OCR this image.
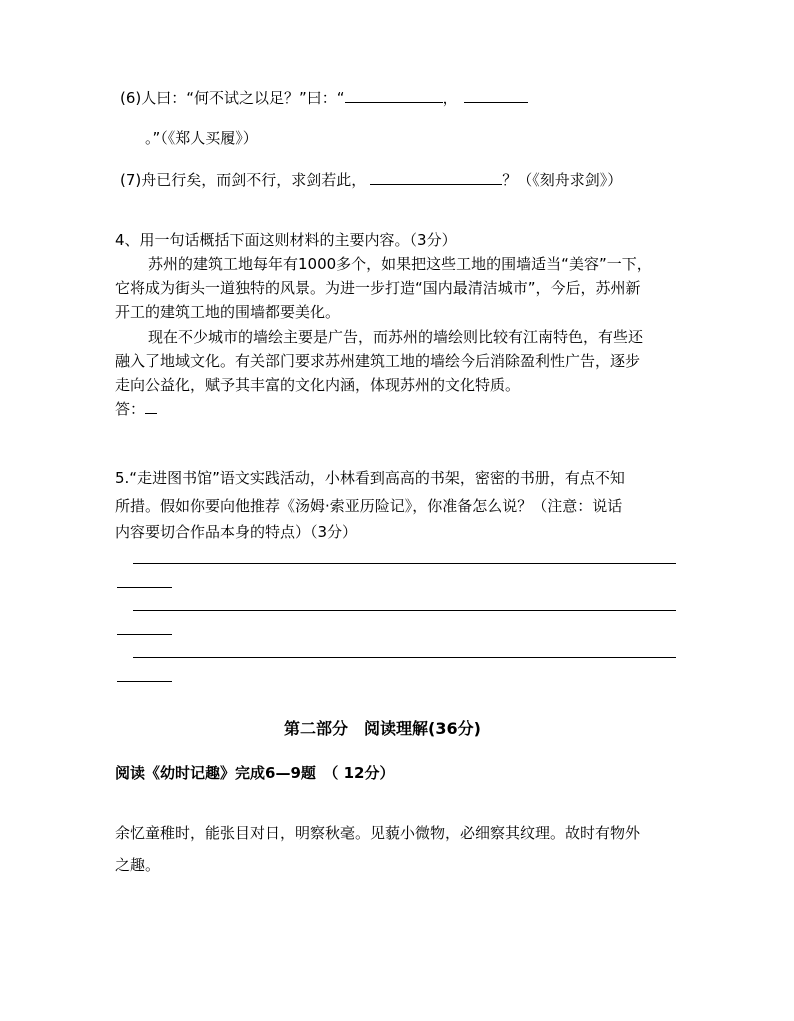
(6)人曰：“何不试之以足？”曰：“	，
。”（《郑人买履》）
(7)舟已行矣，而剑不行，求剑若此，	？（《刻舟求剑》）
4、用一句话概括下面这则材料的主要内容。（3分）
苏州的建筑工地每年有1000多个，如果把这些工地的围墙适当“美容”一下，
它将成为街头一道独特的风景。为进一步打造“国内最清洁城市”，今后，苏州新
开工的建筑工地的围墙都要美化。
现在不少城市的墙绘主要是广告，而苏州的墙绘则比较有江南特色，有些还
融入了地域文化。有关部门要求苏州建筑工地的墙绘今后消除盈利性广告，逐步
走向公益化，赋予其丰富的文化内涵，体现苏州的文化特质。
答：
5.“走进图书馆”语文实践活动，小林看到高高的书架，密密的书册，有点不知
所措。假如你要向他推荐《汤姆·索亚历险记》，你准备怎么说？（注意：说话
内容要切合作品本身的特点）（3分）
第二部分　阅读理解(36分)
阅读《幼时记趣》完成6—9题　（ 12分）
余忆童稚时，能张目对日，明察秋毫。见藐小微物，必细察其纹理。故时有物外
之趣。
